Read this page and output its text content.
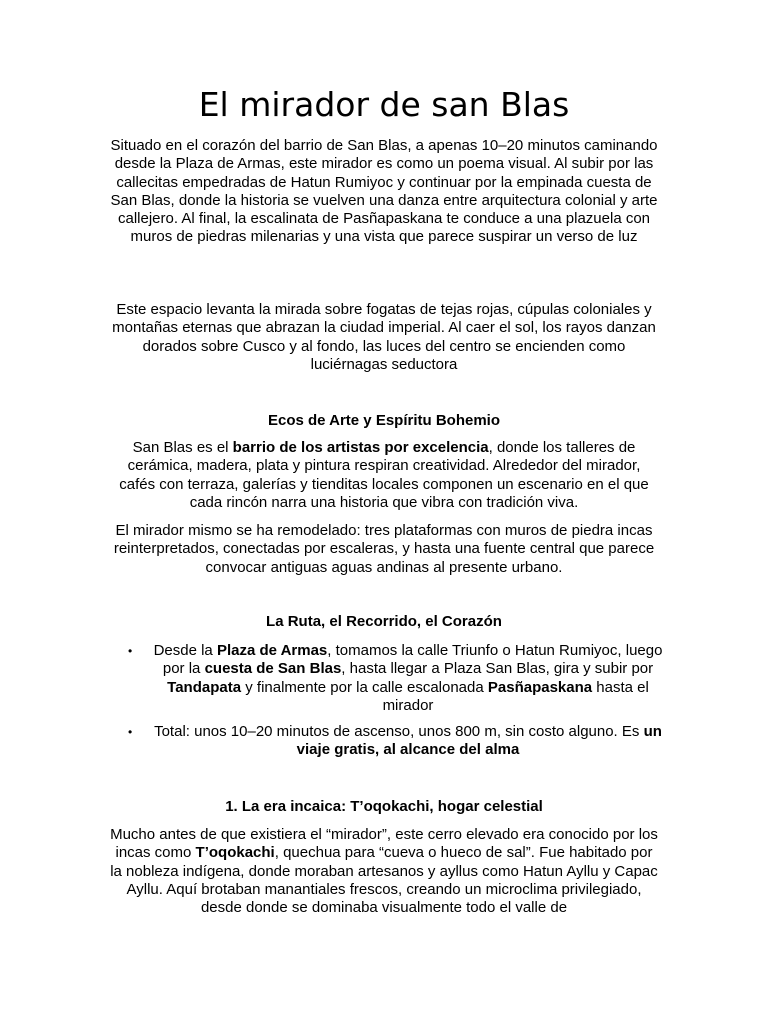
El mirador de san Blas

Situado en el corazón del barrio de San Blas, a apenas 10–20 minutos caminando desde la Plaza de Armas, este mirador es como un poema visual. Al subir por las callecitas empedradas de Hatun Rumiyoc y continuar por la empinada cuesta de San Blas, donde la historia se vuelven una danza entre arquitectura colonial y arte callejero. Al final, la escalinata de Pasñapaskana te conduce a una plazuela con muros de piedras milenarias y una vista que parece suspirar un verso de luz

Este espacio levanta la mirada sobre fogatas de tejas rojas, cúpulas coloniales y montañas eternas que abrazan la ciudad imperial. Al caer el sol, los rayos danzan dorados sobre Cusco y al fondo, las luces del centro se encienden como luciérnagas seductora

Ecos de Arte y Espíritu Bohemio

San Blas es el barrio de los artistas por excelencia, donde los talleres de cerámica, madera, plata y pintura respiran creatividad. Alrededor del mirador, cafés con terraza, galerías y tienditas locales componen un escenario en el que cada rincón narra una historia que vibra con tradición viva.

El mirador mismo se ha remodelado: tres plataformas con muros de piedra incas reinterpretados, conectadas por escaleras, y hasta una fuente central que parece convocar antiguas aguas andinas al presente urbano.

La Ruta, el Recorrido, el Corazón
• Desde la Plaza de Armas, tomamos la calle Triunfo o Hatun Rumiyoc, luego por la cuesta de San Blas, hasta llegar a Plaza San Blas, gira y subir por Tandapata y finalmente por la calle escalonada Pasñapaskana hasta el mirador
• Total: unos 10–20 minutos de ascenso, unos 800 m, sin costo alguno. Es un viaje gratis, al alcance del alma
1. La era incaica: T’oqokachi, hogar celestial

Mucho antes de que existiera el “mirador”, este cerro elevado era conocido por los incas como T’oqokachi, quechua para “cueva o hueco de sal”. Fue habitado por la nobleza indígena, donde moraban artesanos y ayllus como Hatun Ayllu y Capac Ayllu. Aquí brotaban manantiales frescos, creando un microclima privilegiado, desde donde se dominaba visualmente todo el valle de
